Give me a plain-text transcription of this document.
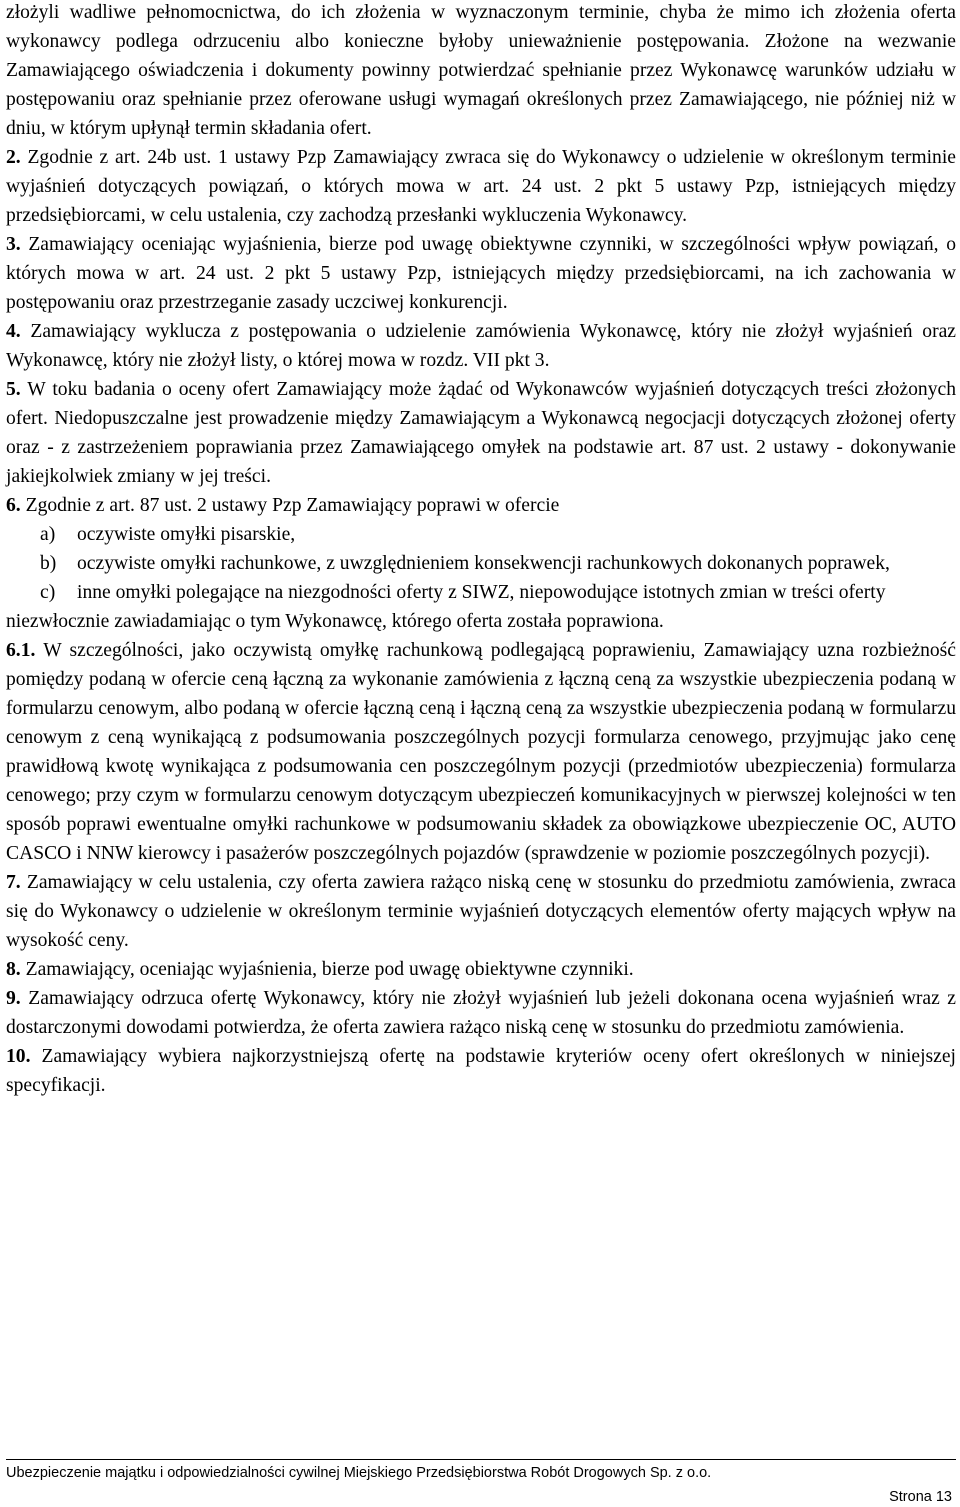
złożyli wadliwe pełnomocnictwa, do ich złożenia w wyznaczonym terminie, chyba że mimo ich złożenia oferta wykonawcy podlega odrzuceniu albo konieczne byłoby unieważnienie postępowania. Złożone na wezwanie Zamawiającego oświadczenia i dokumenty powinny potwierdzać spełnianie przez Wykonawcę warunków udziału w postępowaniu oraz spełnianie przez oferowane usługi wymagań określonych przez Zamawiającego, nie później niż w dniu, w którym upłynął termin składania ofert.

2. Zgodnie z art. 24b ust. 1 ustawy Pzp Zamawiający zwraca się do Wykonawcy o udzielenie w określonym terminie wyjaśnień dotyczących powiązań, o których mowa w art. 24 ust. 2 pkt 5 ustawy Pzp, istniejących między przedsiębiorcami, w celu ustalenia, czy zachodzą przesłanki wykluczenia Wykonawcy.

3. Zamawiający oceniając wyjaśnienia, bierze pod uwagę obiektywne czynniki, w szczególności wpływ powiązań, o których mowa w art. 24 ust. 2 pkt 5 ustawy Pzp, istniejących między przedsiębiorcami, na ich zachowania w postępowaniu oraz przestrzeganie zasady uczciwej konkurencji.

4. Zamawiający wyklucza z postępowania o udzielenie zamówienia Wykonawcę, który nie złożył wyjaśnień oraz Wykonawcę, który nie złożył listy, o której mowa w rozdz. VII pkt 3.

5. W toku badania o oceny ofert Zamawiający może żądać od Wykonawców wyjaśnień dotyczących treści złożonych ofert. Niedopuszczalne jest prowadzenie między Zamawiającym a Wykonawcą negocjacji dotyczących złożonej oferty oraz - z zastrzeżeniem poprawiania przez Zamawiającego omyłek na podstawie art. 87 ust. 2 ustawy - dokonywanie jakiejkolwiek zmiany w jej treści.

6. Zgodnie z art. 87 ust. 2 ustawy Pzp Zamawiający poprawi w ofercie

a) oczywiste omyłki pisarskie,

b) oczywiste omyłki rachunkowe, z uwzględnieniem konsekwencji rachunkowych dokonanych poprawek,

c) inne omyłki polegające na niezgodności oferty z SIWZ, niepowodujące istotnych zmian w treści oferty

niezwłocznie zawiadamiając o tym Wykonawcę, którego oferta została poprawiona.

6.1. W szczególności, jako oczywistą omyłkę rachunkową podlegającą poprawieniu, Zamawiający uzna rozbieżność pomiędzy podaną w ofercie ceną łączną za wykonanie zamówienia z łączną ceną za wszystkie ubezpieczenia podaną w formularzu cenowym, albo podaną w ofercie łączną ceną i łączną ceną za wszystkie ubezpieczenia podaną w formularzu cenowym z ceną wynikającą z podsumowania poszczególnych pozycji formularza cenowego, przyjmując jako cenę prawidłową kwotę wynikająca z podsumowania cen poszczególnym pozycji (przedmiotów ubezpieczenia) formularza cenowego; przy czym w formularzu cenowym dotyczącym ubezpieczeń komunikacyjnych w pierwszej kolejności w ten sposób poprawi ewentualne omyłki rachunkowe w podsumowaniu składek za obowiązkowe ubezpieczenie OC, AUTO CASCO i NNW kierowcy i pasażerów poszczególnych pojazdów (sprawdzenie w poziomie poszczególnych pozycji).

7. Zamawiający w celu ustalenia, czy oferta zawiera rażąco niską cenę w stosunku do przedmiotu zamówienia, zwraca się do Wykonawcy o udzielenie w określonym terminie wyjaśnień dotyczących elementów oferty mających wpływ na wysokość ceny.

8. Zamawiający, oceniając wyjaśnienia, bierze pod uwagę obiektywne czynniki.

9. Zamawiający odrzuca ofertę Wykonawcy, który nie złożył wyjaśnień lub jeżeli dokonana ocena wyjaśnień wraz z dostarczonymi dowodami potwierdza, że oferta zawiera rażąco niską cenę w stosunku do przedmiotu zamówienia.

10. Zamawiający wybiera najkorzystniejszą ofertę na podstawie kryteriów oceny ofert określonych w niniejszej specyfikacji.

Ubezpieczenie majątku i odpowiedzialności cywilnej Miejskiego Przedsiębiorstwa Robót Drogowych Sp. z o.o.
Strona 13
